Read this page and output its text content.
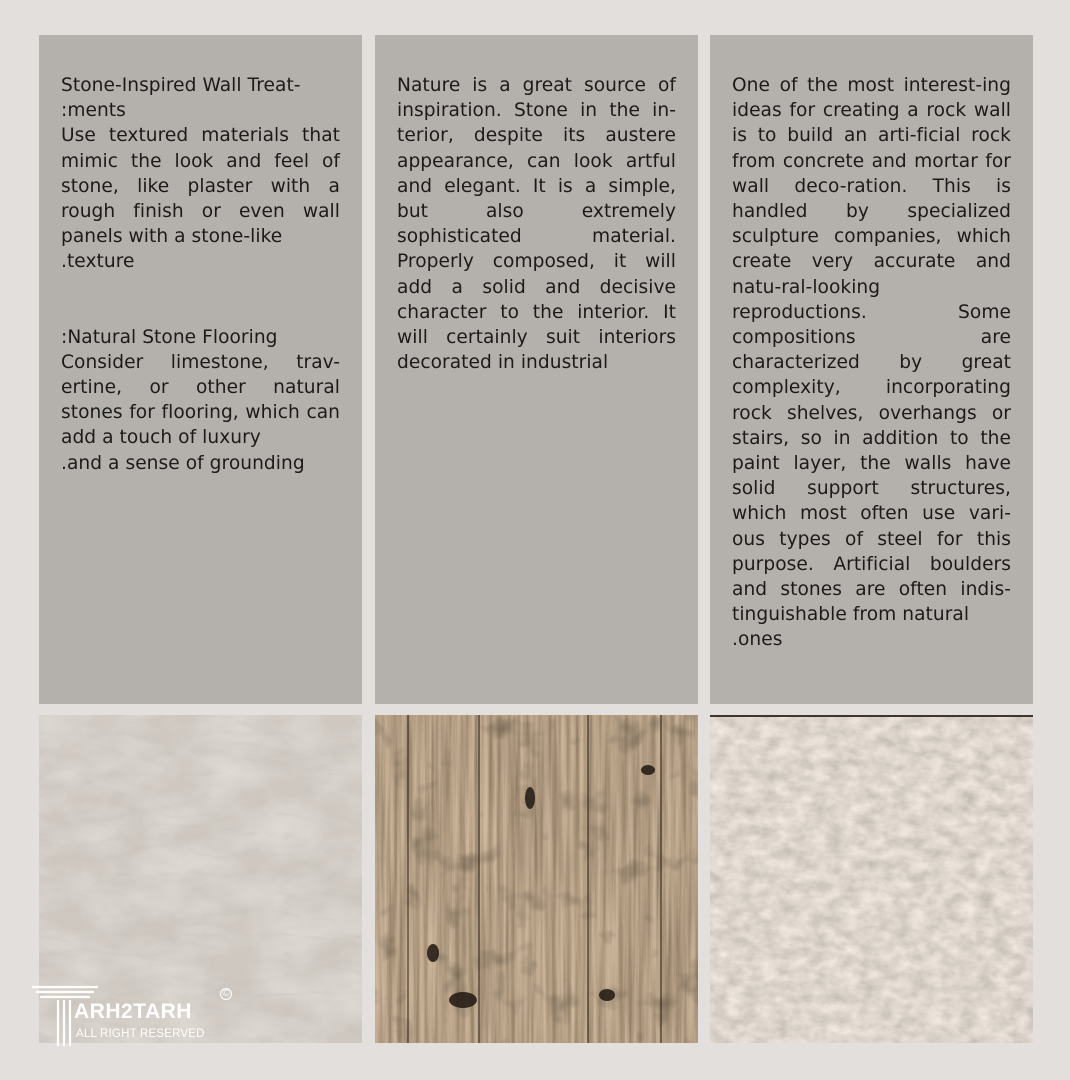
Stone-Inspired Wall Treat-

:ments

Use textured materials that mimic the look and feel of stone, like plaster with a rough finish or even wall panels with a stone-like

.texture

:Natural Stone Flooring

Consider limestone, trav-ertine, or other natural stones for flooring, which can add a touch of luxury

.and a sense of grounding

Nature is a great source of inspiration. Stone in the in-terior, despite its austere appearance, can look artful and elegant. It is a simple, but also extremely sophisticated material. Properly composed, it will add a solid and decisive character to the interior. It will certainly suit interiors decorated in industrial

One of the most interest-ing ideas for creating a rock wall is to build an arti-ficial rock from concrete and mortar for wall deco-ration. This is handled by specialized sculpture companies, which create very accurate and natu-ral-looking reproductions. Some compositions are characterized by great complexity, incorporating rock shelves, overhangs or stairs, so in addition to the paint layer, the walls have solid support structures, which most often use vari-ous types of steel for this purpose. Artificial boulders and stones are often indis-tinguishable from natural

.ones

ARH2TARH
©
ALL RIGHT RESERVED
